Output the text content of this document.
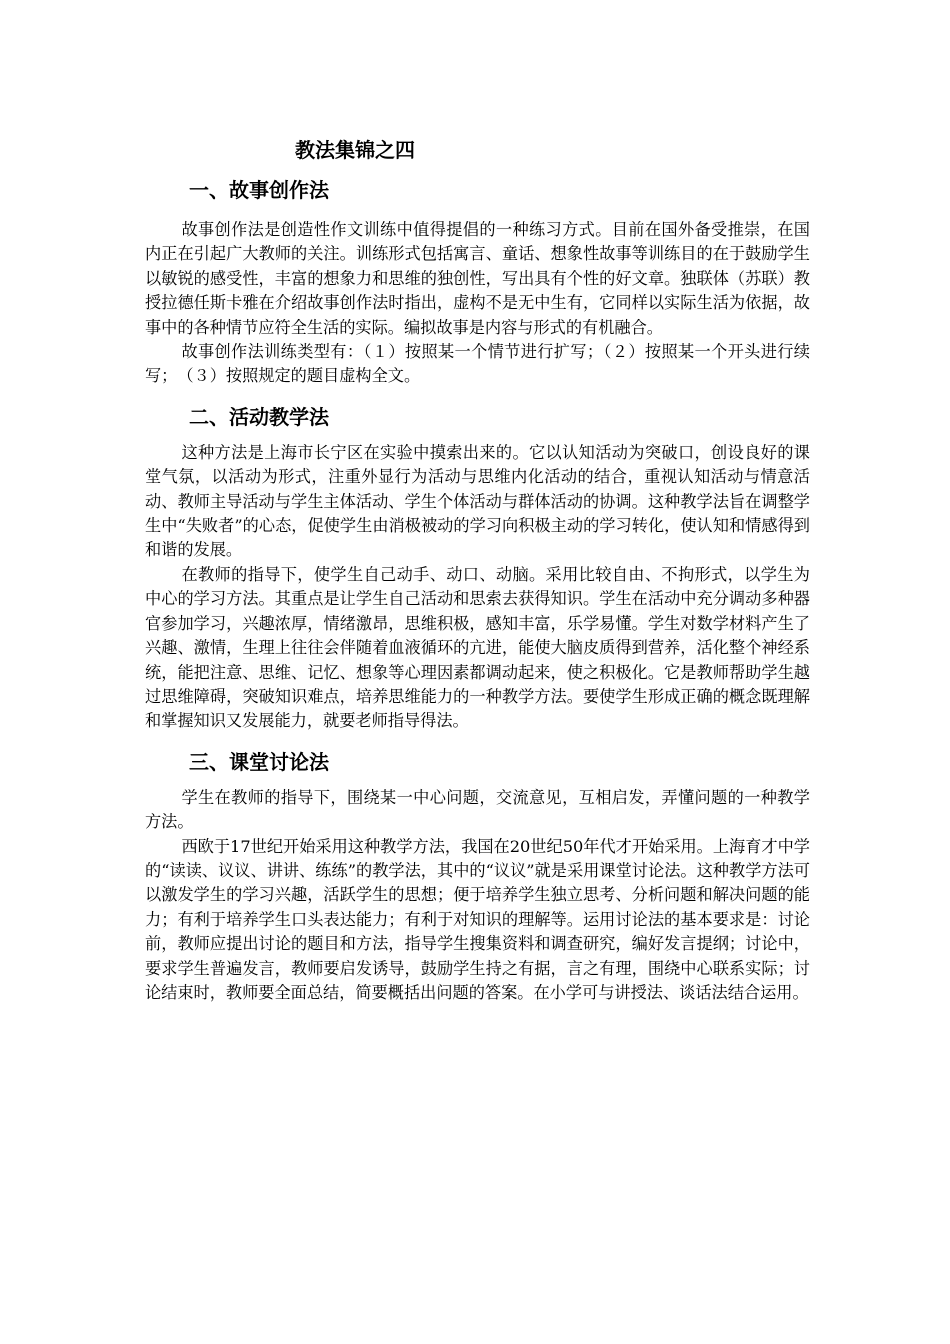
教法集锦之四
一、故事创作法

故事创作法是创造性作文训练中值得提倡的一种练习方式。目前在国外备受推崇，在国内正在引起广大教师的关注。训练形式包括寓言、童话、想象性故事等训练目的在于鼓励学生以敏锐的感受性，丰富的想象力和思维的独创性，写出具有个性的好文章。独联体（苏联）教授拉德任斯卡雅在介绍故事创作法时指出，虚构不是无中生有，它同样以实际生活为依据，故事中的各种情节应符全生活的实际。编拟故事是内容与形式的有机融合。

故事创作法训练类型有：（１）按照某一个情节进行扩写；（２）按照某一个开头进行续写；　（３）按照规定的题目虚构全文。

二、活动教学法

这种方法是上海市长宁区在实验中摸索出来的。它以认知活动为突破口，创设良好的课堂气氛，以活动为形式，注重外显行为活动与思维内化活动的结合，重视认知活动与情意活动、教师主导活动与学生主体活动、学生个体活动与群体活动的协调。这种教学法旨在调整学生中“失败者”的心态，促使学生由消极被动的学习向积极主动的学习转化，使认知和情感得到和谐的发展。

在教师的指导下，使学生自己动手、动口、动脑。采用比较自由、不拘形式，以学生为中心的学习方法。其重点是让学生自己活动和思索去获得知识。学生在活动中充分调动多种器官参加学习，兴趣浓厚，情绪激昂，思维积极，感知丰富，乐学易懂。学生对数学材料产生了兴趣、激情，生理上往往会伴随着血液循环的亢进，能使大脑皮质得到营养，活化整个神经系统，能把注意、思维、记忆、想象等心理因素都调动起来，使之积极化。它是教师帮助学生越过思维障碍，突破知识难点，培养思维能力的一种教学方法。要使学生形成正确的概念既理解和掌握知识又发展能力，就要老师指导得法。

三、课堂讨论法

学生在教师的指导下，围绕某一中心问题，交流意见，互相启发，弄懂问题的一种教学方法。

西欧于17世纪开始采用这种教学方法，我国在20世纪50年代才开始采用。上海育才中学的“读读、议议、讲讲、练练”的教学法，其中的“议议”就是采用课堂讨论法。这种教学方法可以激发学生的学习兴趣，活跃学生的思想；便于培养学生独立思考、分析问题和解决问题的能力；有利于培养学生口头表达能力；有利于对知识的理解等。运用讨论法的基本要求是：讨论前，教师应提出讨论的题目和方法，指导学生搜集资料和调查研究，编好发言提纲；讨论中，要求学生普遍发言，教师要启发诱导，鼓励学生持之有据，言之有理，围绕中心联系实际；讨论结束时，教师要全面总结，简要概括出问题的答案。在小学可与讲授法、谈话法结合运用。
